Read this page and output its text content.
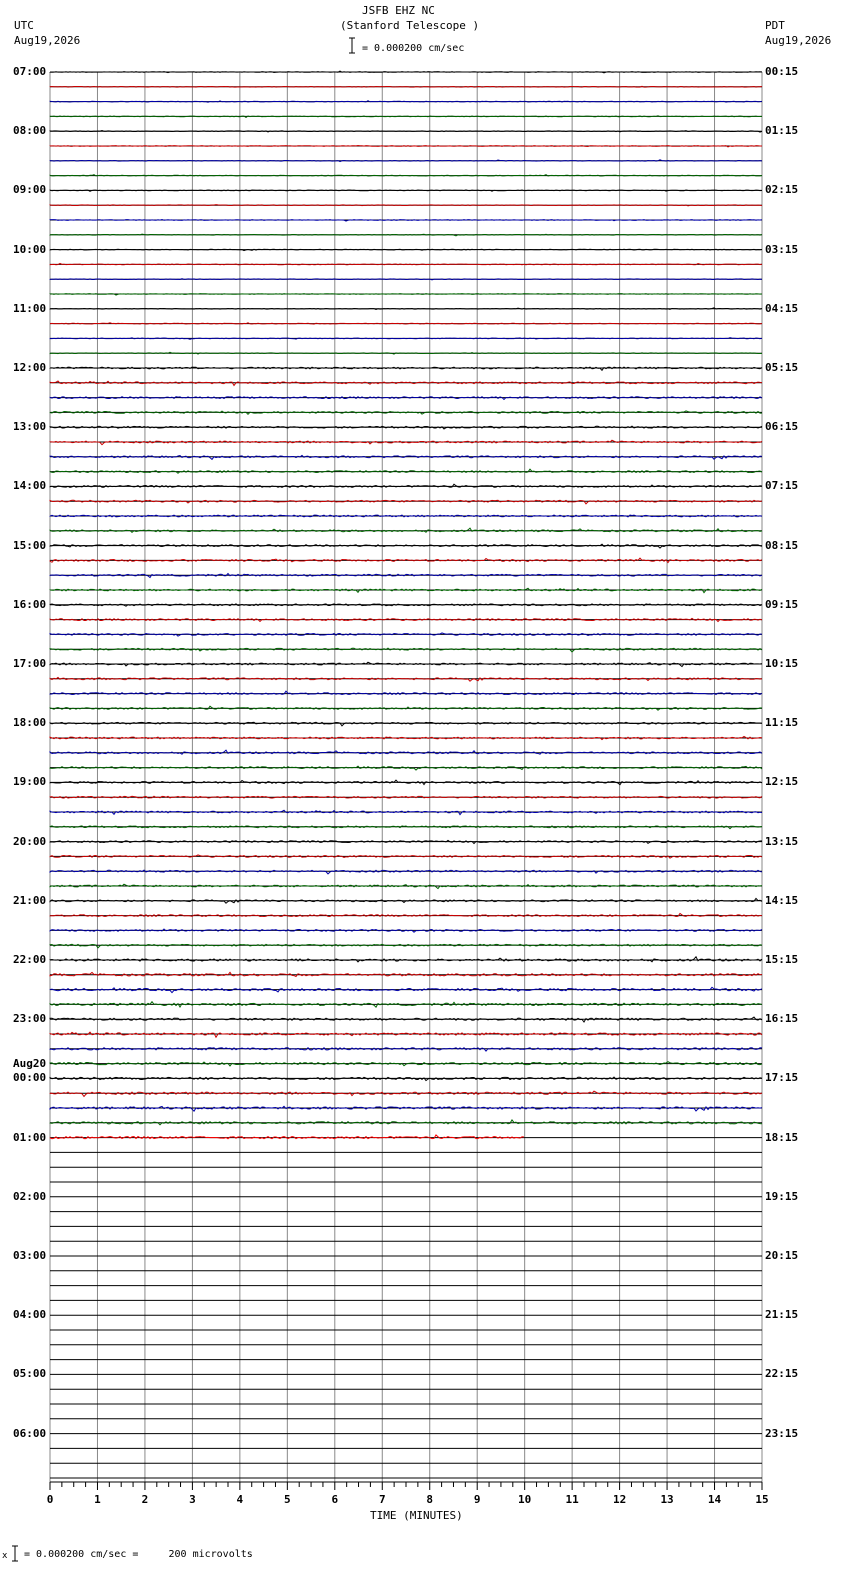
0	1	2	3	4	5	6	7	8	9	10	11	12	13	14	15
JSFB EHZ NC
(Stanford Telescope )
= 0.000200 cm/sec
UTC
Aug19,2026
PDT
Aug19,2026
07:00
08:00
09:00
10:00
11:00
12:00
13:00
14:00
15:00
16:00
17:00
18:00
19:00
20:00
21:00
22:00
23:00
00:00
Aug20
01:00
02:00
03:00
04:00
05:00
06:00
00:15
01:15
02:15
03:15
04:15
05:15
06:15
07:15
08:15
09:15
10:15
11:15
12:15
13:15
14:15
15:15
16:15
17:15
18:15
19:15
20:15
21:15
22:15
23:15
TIME (MINUTES)
x = 0.000200 cm/sec =     200 microvolts
